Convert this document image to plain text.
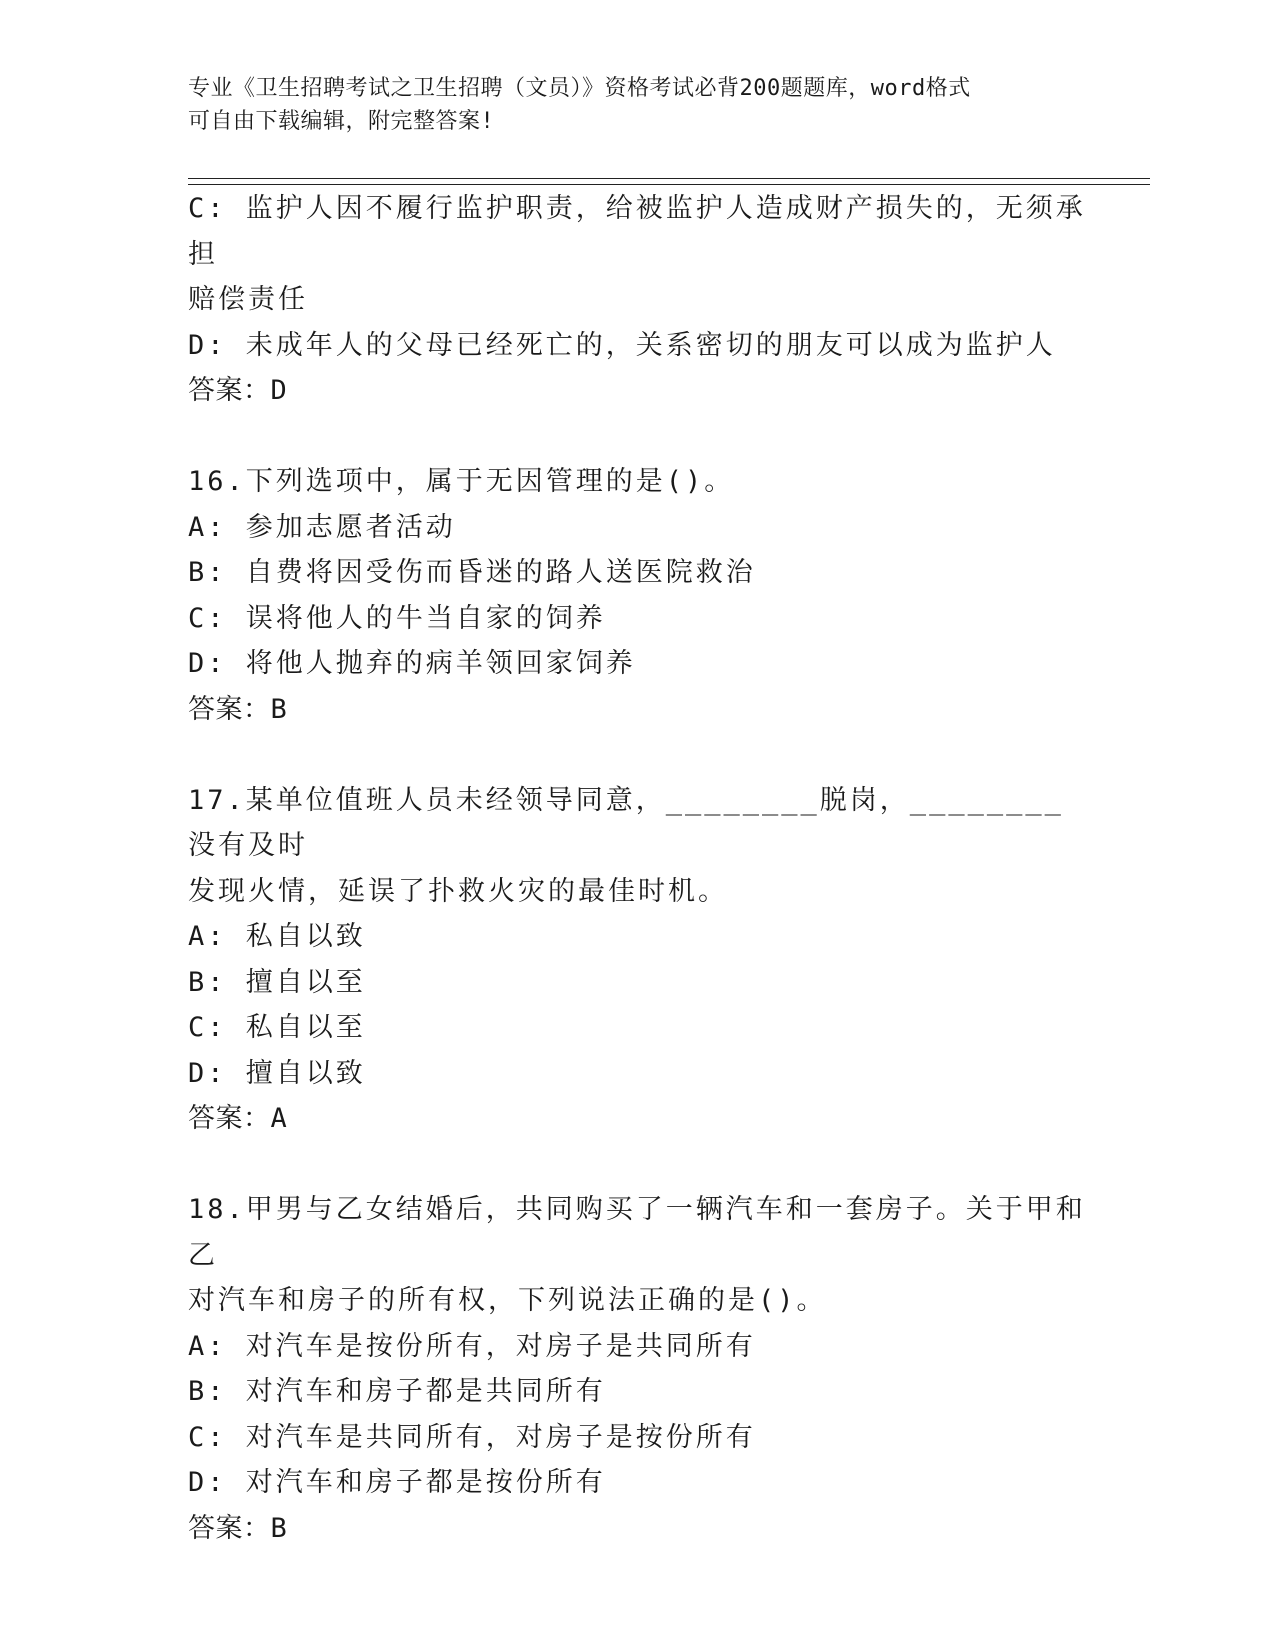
专业《卫生招聘考试之卫生招聘（文员）》资格考试必背200题题库，word格式
可自由下载编辑，附完整答案!
C: 监护人因不履行监护职责，给被监护人造成财产损失的，无须承担
赔偿责任
D: 未成年人的父母已经死亡的，关系密切的朋友可以成为监护人
答案：D
16.下列选项中，属于无因管理的是()。
A: 参加志愿者活动
B: 自费将因受伤而昏迷的路人送医院救治
C: 误将他人的牛当自家的饲养
D: 将他人抛弃的病羊领回家饲养
答案：B
17.某单位值班人员未经领导同意，________脱岗，________没有及时
发现火情，延误了扑救火灾的最佳时机。
A: 私自以致
B: 擅自以至
C: 私自以至
D: 擅自以致
答案：A
18.甲男与乙女结婚后，共同购买了一辆汽车和一套房子。关于甲和乙
对汽车和房子的所有权，下列说法正确的是()。
A: 对汽车是按份所有，对房子是共同所有
B: 对汽车和房子都是共同所有
C: 对汽车是共同所有，对房子是按份所有
D: 对汽车和房子都是按份所有
答案：B
